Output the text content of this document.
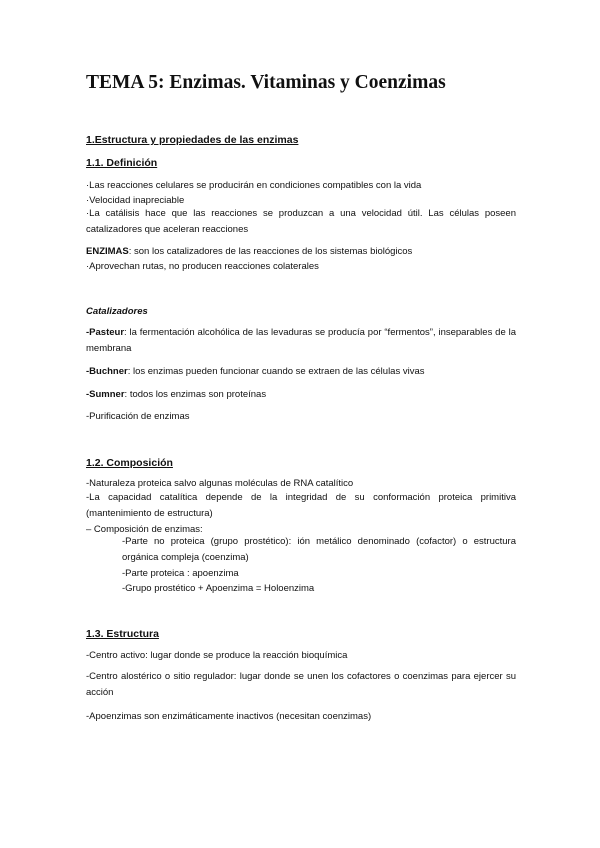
TEMA 5: Enzimas. Vitaminas y Coenzimas
1.Estructura y propiedades de las enzimas
1.1. Definición
·Las reacciones celulares se producirán en condiciones compatibles con la vida
·Velocidad inapreciable
·La catálisis hace que las reacciones se produzcan a una velocidad útil. Las células poseen catalizadores que aceleran reacciones
ENZIMAS: son los catalizadores de las reacciones de los sistemas biológicos
·Aprovechan rutas, no producen reacciones colaterales
Catalizadores
-Pasteur: la fermentación alcohólica de las levaduras se producía por “fermentos”, inseparables de la membrana
-Buchner: los enzimas pueden funcionar cuando se extraen de las células vivas
-Sumner: todos los enzimas son proteínas
-Purificación de enzimas
1.2. Composición
-Naturaleza proteica salvo algunas moléculas de RNA catalítico
-La capacidad catalítica depende de la integridad de su conformación proteica primitiva (mantenimiento de estructura)
– Composición de enzimas:
-Parte no proteica (grupo prostético): ión metálico denominado (cofactor) o estructura orgánica compleja (coenzima)
-Parte proteica : apoenzima
-Grupo prostético + Apoenzima = Holoenzima
1.3. Estructura
-Centro activo: lugar donde se produce la reacción bioquímica
-Centro alostérico o sitio regulador: lugar donde se unen los cofactores o coenzimas para ejercer su acción
-Apoenzimas son enzimáticamente inactivos (necesitan coenzimas)
